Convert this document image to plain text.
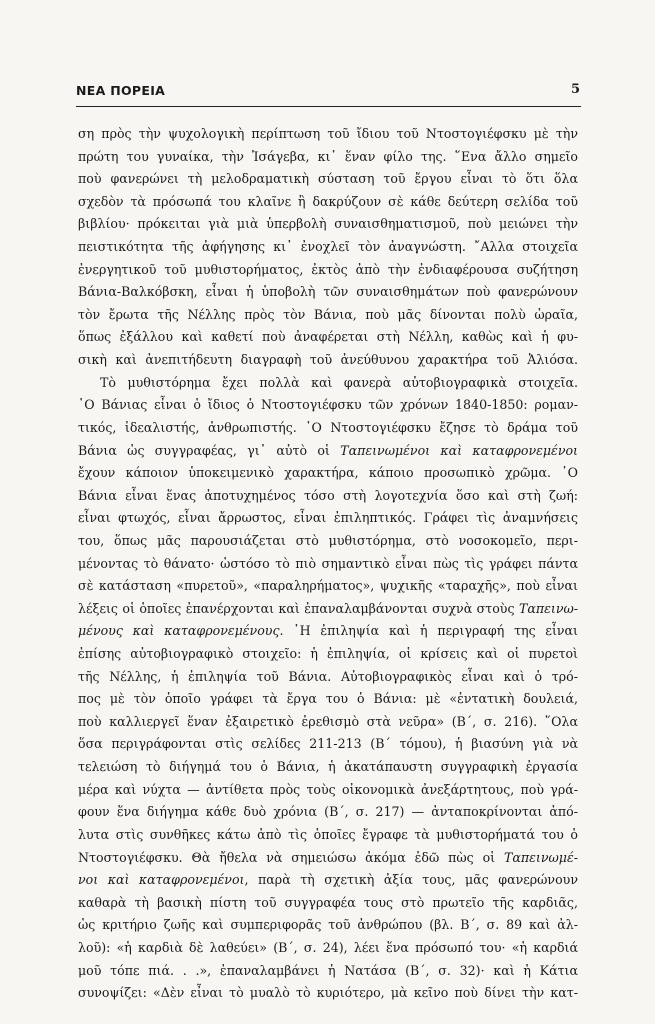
ΝΕΑ ΠΟΡΕΙΑ	5
ση πρὸς τὴν ψυχολογικὴ περίπτωση τοῦ ἴδιου τοῦ Ντοστογιέφσκυ μὲ τὴν
πρώτη του γυναίκα, τὴν Ἰσάγεβα, κι᾽ ἕναν φίλο της. ῞Ενα ἄλλο σημεῖο
ποὺ φανερώνει τὴ μελοδραματικὴ σύσταση τοῦ ἔργου εἶναι τὸ ὅτι ὅλα
σχεδὸν τὰ πρόσωπά του κλαῖνε ἢ δακρύζουν σὲ κάθε δεύτερη σελίδα τοῦ
βιβλίου· πρόκειται γιὰ μιὰ ὑπερβολὴ συναισθηματισμοῦ, ποὺ μειώνει τὴν
πειστικότητα τῆς ἀφήγησης κι᾽ ἐνοχλεῖ τὸν ἀναγνώστη. ῎Αλλα στοιχεῖα
ἐνεργητικοῦ τοῦ μυθιστορήματος, ἐκτὸς ἀπὸ τὴν ἐνδιαφέρουσα συζήτηση
Βάνια-Βαλκόβσκη, εἶναι ἡ ὑποβολὴ τῶν συναισθημάτων ποὺ φανερώνουν
τὸν ἔρωτα τῆς Νέλλης πρὸς τὸν Βάνια, ποὺ μᾶς δίνονται πολὺ ὡραῖα,
ὅπως ἐξάλλου καὶ καθετί ποὺ ἀναφέρεται στὴ Νέλλη, καθὼς καὶ ἡ φυ-
σικὴ καὶ ἀνεπιτήδευτη διαγραφὴ τοῦ ἀνεύθυνου χαρακτήρα τοῦ Ἀλιόσα.
Τὸ μυθιστόρημα ἔχει πολλὰ καὶ φανερὰ αὐτοβιογραφικὰ στοιχεῖα.
῾Ο Βάνιας εἶναι ὁ ἴδιος ὁ Ντοστογιέφσκυ τῶν χρόνων 1840-1850: ρομαν-
τικός, ἰδεαλιστής, ἀνθρωπιστής. ῾Ο Ντοστογιέφσκυ ἔζησε τὸ δράμα τοῦ
Βάνια ὡς συγγραφέας, γι᾽ αὐτὸ οἱ Ταπεινωμένοι καὶ καταφρονεμένοι
ἔχουν κάποιον ὑποκειμενικὸ χαρακτήρα, κάποιο προσωπικὸ χρῶμα. ῾Ο
Βάνια εἶναι ἕνας ἀποτυχημένος τόσο στὴ λογοτεχνία ὅσο καὶ στὴ ζωή:
εἶναι φτωχός, εἶναι ἄρρωστος, εἶναι ἐπιληπτικός. Γράφει τὶς ἀναμνήσεις
του, ὅπως μᾶς παρουσιάζεται στὸ μυθιστόρημα, στὸ νοσοκομεῖο, περι-
μένοντας τὸ θάνατο· ὡστόσο τὸ πιὸ σημαντικὸ εἶναι πὼς τὶς γράφει πάντα
σὲ κατάσταση «πυρετοῦ», «παραληρήματος», ψυχικῆς «ταραχῆς», ποὺ εἶναι
λέξεις οἱ ὁποῖες ἐπανέρχονται καὶ ἐπαναλαμβάνονται συχνὰ στοὺς Ταπεινω-
μένους καὶ καταφρονεμένους. ῾Η ἐπιληψία καὶ ἡ περιγραφή της εἶναι
ἐπίσης αὐτοβιογραφικὸ στοιχεῖο: ἡ ἐπιληψία, οἱ κρίσεις καὶ οἱ πυρετοὶ
τῆς Νέλλης, ἡ ἐπιληψία τοῦ Βάνια. Αὐτοβιογραφικὸς εἶναι καὶ ὁ τρό-
πος μὲ τὸν ὁποῖο γράφει τὰ ἔργα του ὁ Βάνια: μὲ «ἐντατικὴ δουλειά,
ποὺ καλλιεργεῖ ἕναν ἐξαιρετικὸ ἐρεθισμὸ στὰ νεῦρα» (Β΄, σ. 216). ῞Ολα
ὅσα περιγράφονται στὶς σελίδες 211-213 (Β΄ τόμου), ἡ βιασύνη γιὰ νὰ
τελειώση τὸ διήγημά του ὁ Βάνια, ἡ ἀκατάπαυστη συγγραφικὴ ἐργασία
μέρα καὶ νύχτα — ἀντίθετα πρὸς τοὺς οἰκονομικὰ ἀνεξάρτητους, ποὺ γρά-
φουν ἕνα διήγημα κάθε δυὸ χρόνια (Β΄, σ. 217) — ἀνταποκρίνονται ἀπό-
λυτα στὶς συνθῆκες κάτω ἀπὸ τὶς ὁποῖες ἔγραφε τὰ μυθιστορήματά του ὁ
Ντοστογιέφσκυ. Θὰ ἤθελα νὰ σημειώσω ἀκόμα ἐδῶ πὼς οἱ Ταπεινωμέ-
νοι καὶ καταφρονεμένοι, παρὰ τὴ σχετικὴ ἀξία τους, μᾶς φανερώνουν
καθαρὰ τὴ βασικὴ πίστη τοῦ συγγραφέα τους στὸ πρωτεῖο τῆς καρδιᾶς,
ὡς κριτήριο ζωῆς καὶ συμπεριφορᾶς τοῦ ἀνθρώπου (βλ. Β΄, σ. 89 καὶ ἀλ-
λοῦ): «ἡ καρδιὰ δὲ λαθεύει» (Β΄, σ. 24), λέει ἕνα πρόσωπό του· «ἡ καρδιά
μοῦ τόπε πιά. . .», ἐπαναλαμβάνει ἡ Νατάσα (Β΄, σ. 32)· καὶ ἡ Κάτια
συνοψίζει: «Δὲν εἶναι τὸ μυαλὸ τὸ κυριότερο, μὰ κεῖνο ποὺ δίνει τὴν κατ-
